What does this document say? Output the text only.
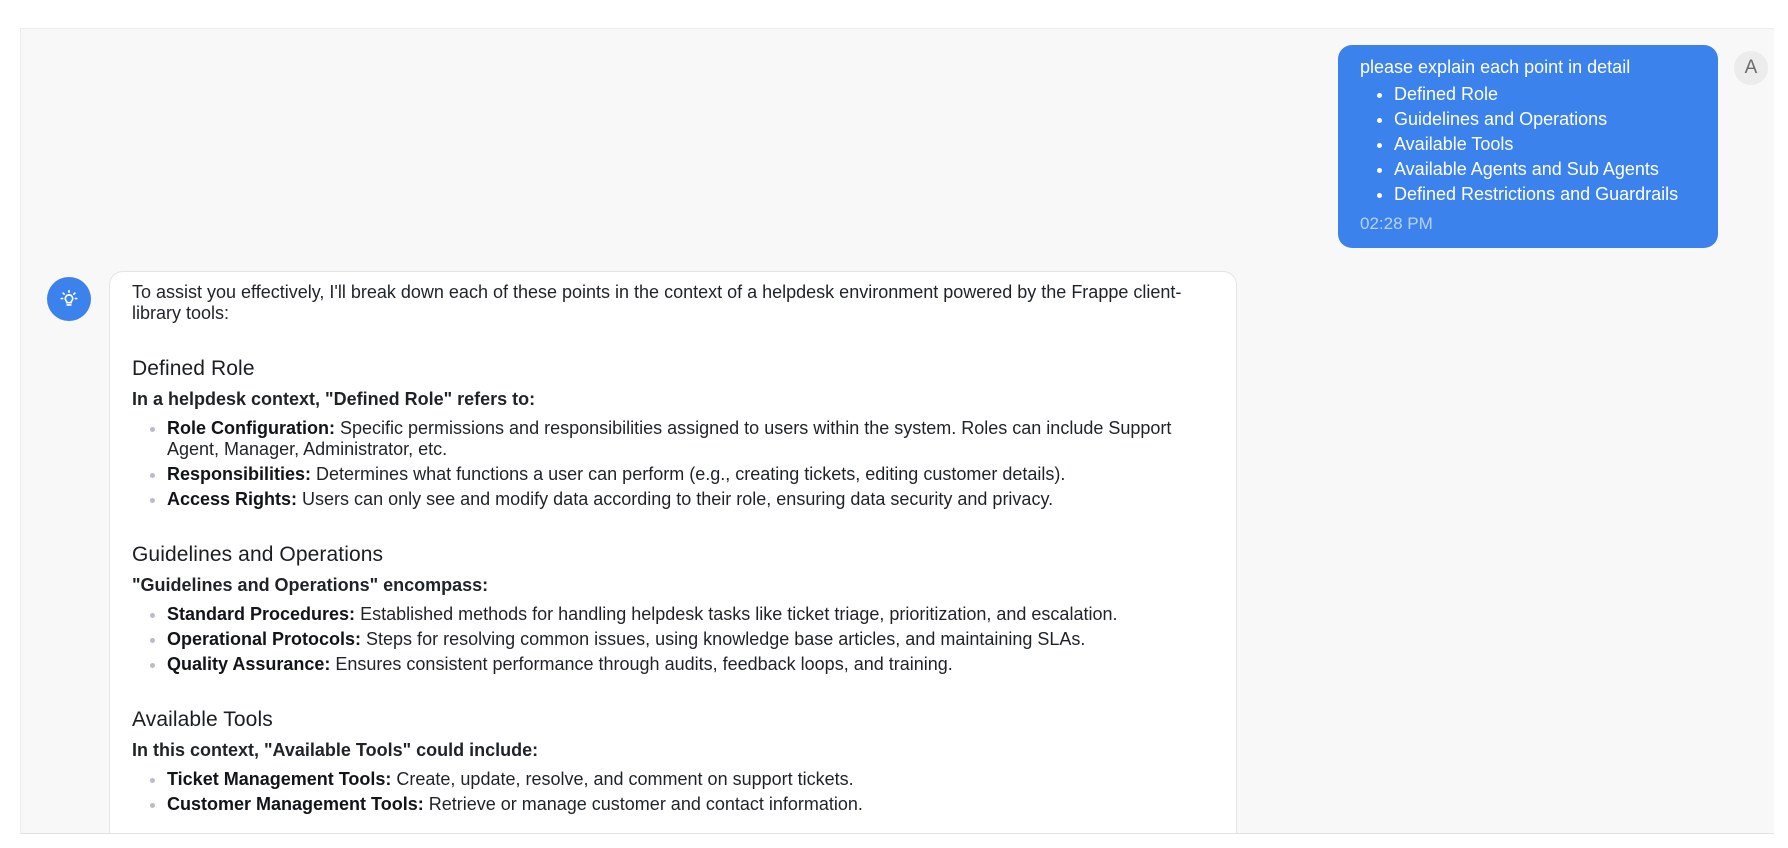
please explain each point in detail
• Defined Role
• Guidelines and Operations
• Available Tools
• Available Agents and Sub Agents
• Defined Restrictions and Guardrails
02:28 PM
A

To assist you effectively, I'll break down each of these points in the context of a helpdesk environment powered by the Frappe client-library tools:

Defined Role

In a helpdesk context, "Defined Role" refers to:

• Role Configuration: Specific permissions and responsibilities assigned to users within the system. Roles can include Support Agent, Manager, Administrator, etc.
• Responsibilities: Determines what functions a user can perform (e.g., creating tickets, editing customer details).
• Access Rights: Users can only see and modify data according to their role, ensuring data security and privacy.
Guidelines and Operations

"Guidelines and Operations" encompass:

• Standard Procedures: Established methods for handling helpdesk tasks like ticket triage, prioritization, and escalation.
• Operational Protocols: Steps for resolving common issues, using knowledge base articles, and maintaining SLAs.
• Quality Assurance: Ensures consistent performance through audits, feedback loops, and training.
Available Tools

In this context, "Available Tools" could include:

• Ticket Management Tools: Create, update, resolve, and comment on support tickets.
• Customer Management Tools: Retrieve or manage customer and contact information.
